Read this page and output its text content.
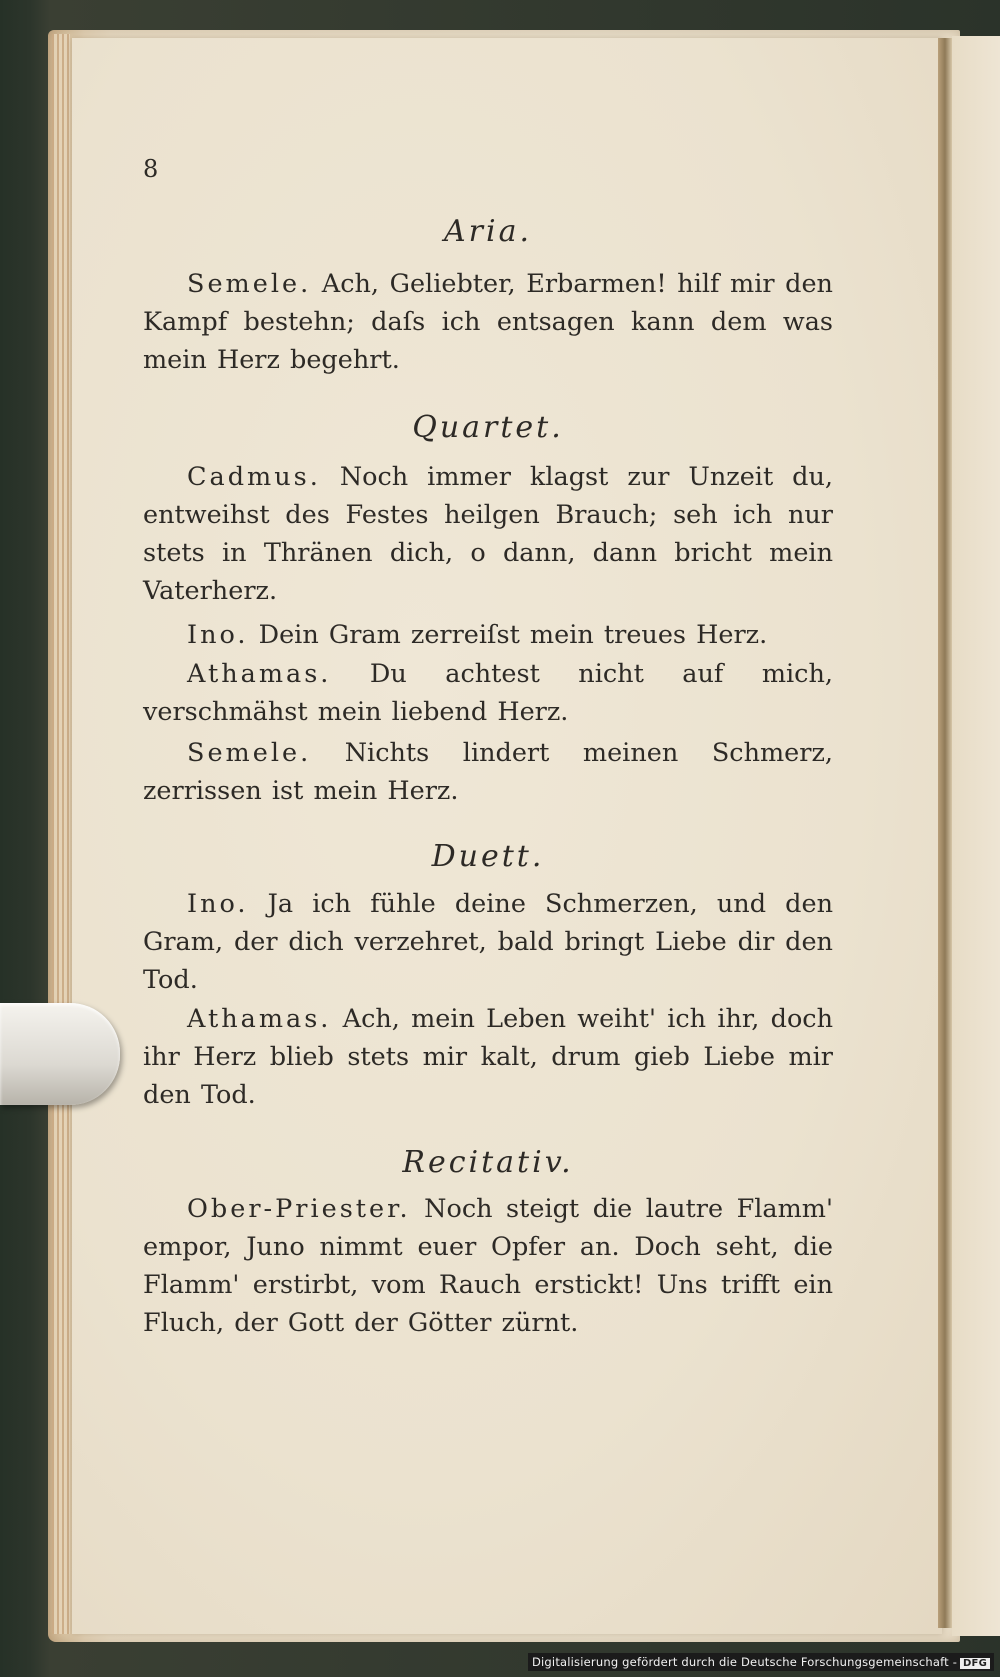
8

Aria.

Semele. Ach, Geliebter, Erbarmen! hilf mir den Kampf bestehn; daſs ich entsagen kann dem was mein Herz begehrt.

Quartet.

Cadmus. Noch immer klagst zur Unzeit du, entweihst des Festes heilgen Brauch; seh ich nur stets in Thränen dich, o dann, dann bricht mein Vaterherz.

Ino. Dein Gram zerreiſst mein treues Herz.

Athamas. Du achtest nicht auf mich, verschmähst mein liebend Herz.

Semele. Nichts lindert meinen Schmerz, zerrissen ist mein Herz.

Duett.

Ino. Ja ich fühle deine Schmerzen, und den Gram, der dich verzehret, bald bringt Liebe dir den Tod.

Athamas. Ach, mein Leben weiht' ich ihr, doch ihr Herz blieb stets mir kalt, drum gieb Liebe mir den Tod.

Recitativ.

Ober-Priester. Noch steigt die lautre Flamm' empor, Juno nimmt euer Opfer an. Doch seht, die Flamm' erstirbt, vom Rauch erstickt! Uns trifft ein Fluch, der Gott der Götter zürnt.

Digitalisierung gefördert durch die Deutsche Forschungsgemeinschaft - DFG
